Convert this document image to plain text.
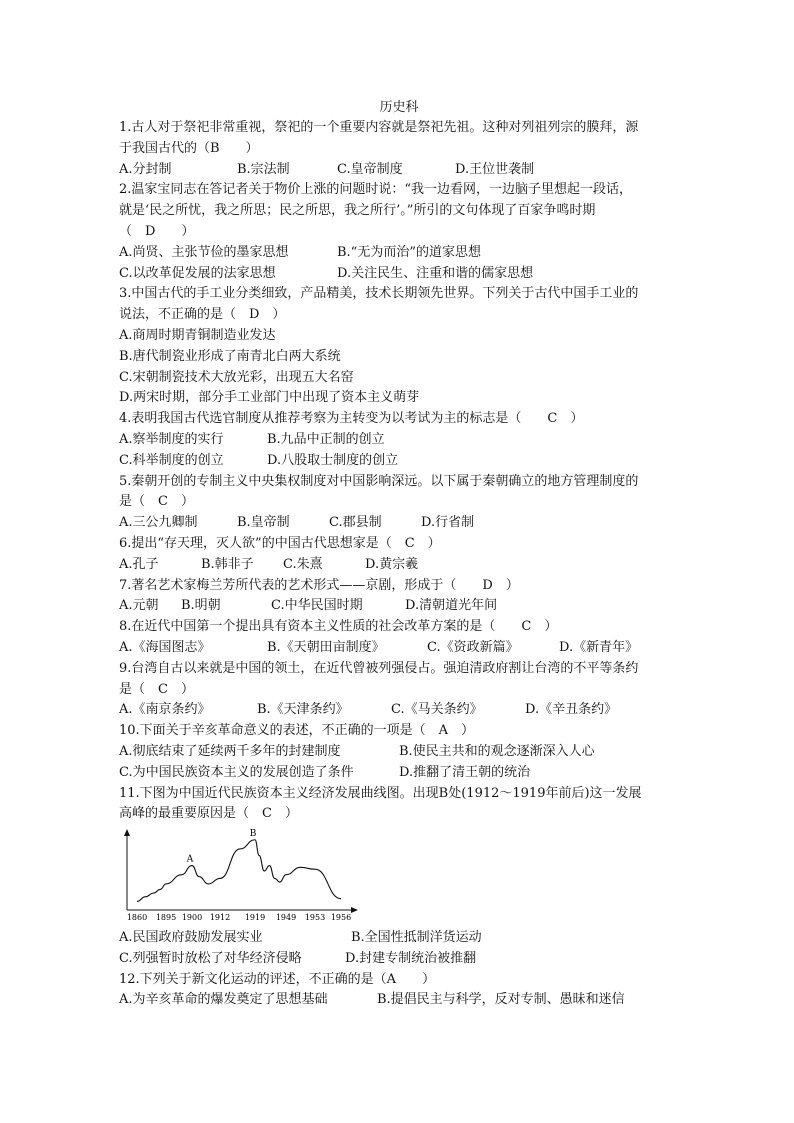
历史科
1.古人对于祭祀非常重视，祭祀的一个重要内容就是祭祀先祖。这种对列祖列宗的膜拜，源
于我国古代的（B　　）
A.分封制	B.宗法制	C.皇帝制度	D.王位世袭制
2.温家宝同志在答记者关于物价上涨的问题时说：“我一边看网，一边脑子里想起一段话，
就是‘民之所忧，我之所思；民之所思，我之所行’。”所引的文句体现了百家争鸣时期
（　D　　）
A.尚贤、主张节俭的墨家思想	B.“无为而治”的道家思想
C.以改革促发展的法家思想	D.关注民生、注重和谐的儒家思想
3.中国古代的手工业分类细致，产品精美，技术长期领先世界。下列关于古代中国手工业的
说法，不正确的是（　D　）
A.商周时期青铜制造业发达
B.唐代制瓷业形成了南青北白两大系统
C.宋朝制瓷技术大放光彩，出现五大名窑
D.两宋时期，部分手工业部门中出现了资本主义萌芽
4.表明我国古代选官制度从推荐考察为主转变为以考试为主的标志是（　　C　）
A.察举制度的实行	B.九品中正制的创立
C.科举制度的创立	D.八股取士制度的创立
5.秦朝开创的专制主义中央集权制度对中国影响深远。以下属于秦朝确立的地方管理制度的
是（　C　）
A.三公九卿制	B.皇帝制	C.郡县制	D.行省制
6.提出“存天理，灭人欲”的中国古代思想家是（　C　）
A.孔子	B.韩非子	C.朱熹	D.黄宗羲
7.著名艺术家梅兰芳所代表的艺术形式——京剧，形成于（　　D　）
A.元朝	B.明朝	C.中华民国时期	D.清朝道光年间
8.在近代中国第一个提出具有资本主义性质的社会改革方案的是（　　C　）
A.《海国图志》	B.《天朝田亩制度》	C.《资政新篇》	D.《新青年》
9.台湾自古以来就是中国的领土，在近代曾被列强侵占。强迫清政府割让台湾的不平等条约
是（　C　）
A.《南京条约》	B.《天津条约》	C.《马关条约》	D.《辛丑条约》
10.下面关于辛亥革命意义的表述，不正确的一项是（　A　）
A.彻底结束了延续两千多年的封建制度	B.使民主共和的观念逐渐深入人心
C.为中国民族资本主义的发展创造了条件	D.推翻了清王朝的统治
11.下图为中国近代民族资本主义经济发展曲线图。出现B处(1912～1919年前后)这一发展
高峰的最重要原因是（　C　）
1860 1895 1900 1912 1919 1949 1953 1956
A
B
A.民国政府鼓励发展实业	B.全国性抵制洋货运动
C.列强暂时放松了对华经济侵略	D.封建专制统治被推翻
12.下列关于新文化运动的评述，不正确的是（A　　）
A.为辛亥革命的爆发奠定了思想基础	B.提倡民主与科学，反对专制、愚昧和迷信
